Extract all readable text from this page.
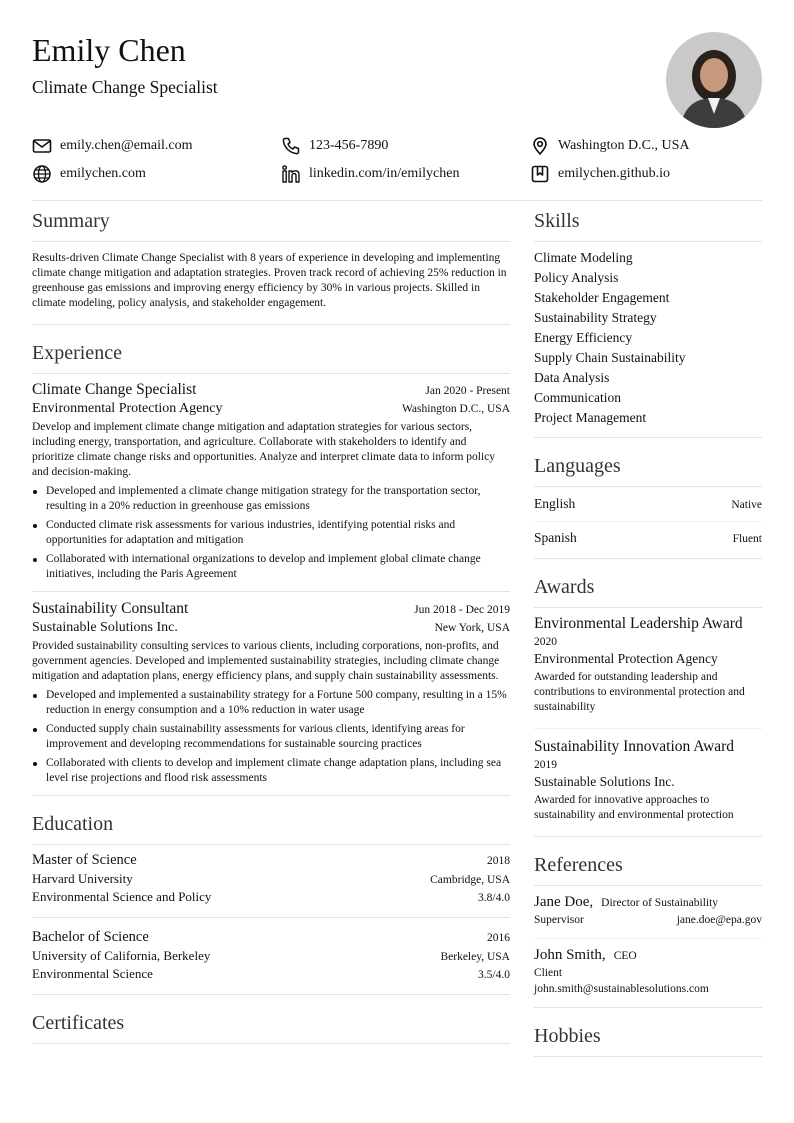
Emily Chen
Climate Change Specialist
emily.chen@email.com	123-456-7890	Washington D.C., USA
emilychen.com	linkedin.com/in/emilychen	emilychen.github.io
Summary
Results-driven Climate Change Specialist with 8 years of experience in developing and implementing climate change mitigation and adaptation strategies. Proven track record of achieving 25% reduction in greenhouse gas emissions and improving energy efficiency by 30% in various projects. Skilled in climate modeling, policy analysis, and stakeholder engagement.
Experience
Climate Change Specialist	Jan 2020 - Present
Environmental Protection Agency	Washington D.C., USA
Develop and implement climate change mitigation and adaptation strategies for various sectors, including energy, transportation, and agriculture. Collaborate with stakeholders to identify and prioritize climate change risks and opportunities. Analyze and interpret climate data to inform policy and decision-making.
Developed and implemented a climate change mitigation strategy for the transportation sector, resulting in a 20% reduction in greenhouse gas emissions
Conducted climate risk assessments for various industries, identifying potential risks and opportunities for adaptation and mitigation
Collaborated with international organizations to develop and implement global climate change initiatives, including the Paris Agreement
Sustainability Consultant	Jun 2018 - Dec 2019
Sustainable Solutions Inc.	New York, USA
Provided sustainability consulting services to various clients, including corporations, non-profits, and government agencies. Developed and implemented sustainability strategies, including climate change mitigation and adaptation plans, energy efficiency plans, and supply chain sustainability assessments.
Developed and implemented a sustainability strategy for a Fortune 500 company, resulting in a 15% reduction in energy consumption and a 10% reduction in water usage
Conducted supply chain sustainability assessments for various clients, identifying areas for improvement and developing recommendations for sustainable sourcing practices
Collaborated with clients to develop and implement climate change adaptation plans, including sea level rise projections and flood risk assessments
Education
Master of Science	2018
Harvard University	Cambridge, USA
Environmental Science and Policy	3.8/4.0
Bachelor of Science	2016
University of California, Berkeley	Berkeley, USA
Environmental Science	3.5/4.0
Certificates
Skills
Climate Modeling
Policy Analysis
Stakeholder Engagement
Sustainability Strategy
Energy Efficiency
Supply Chain Sustainability
Data Analysis
Communication
Project Management
Languages
English	Native
Spanish	Fluent
Awards
Environmental Leadership Award
2020
Environmental Protection Agency
Awarded for outstanding leadership and contributions to environmental protection and sustainability
Sustainability Innovation Award
2019
Sustainable Solutions Inc.
Awarded for innovative approaches to sustainability and environmental protection
References
Jane Doe, Director of Sustainability
Supervisor	jane.doe@epa.gov
John Smith, CEO
Client
john.smith@sustainablesolutions.com
Hobbies
